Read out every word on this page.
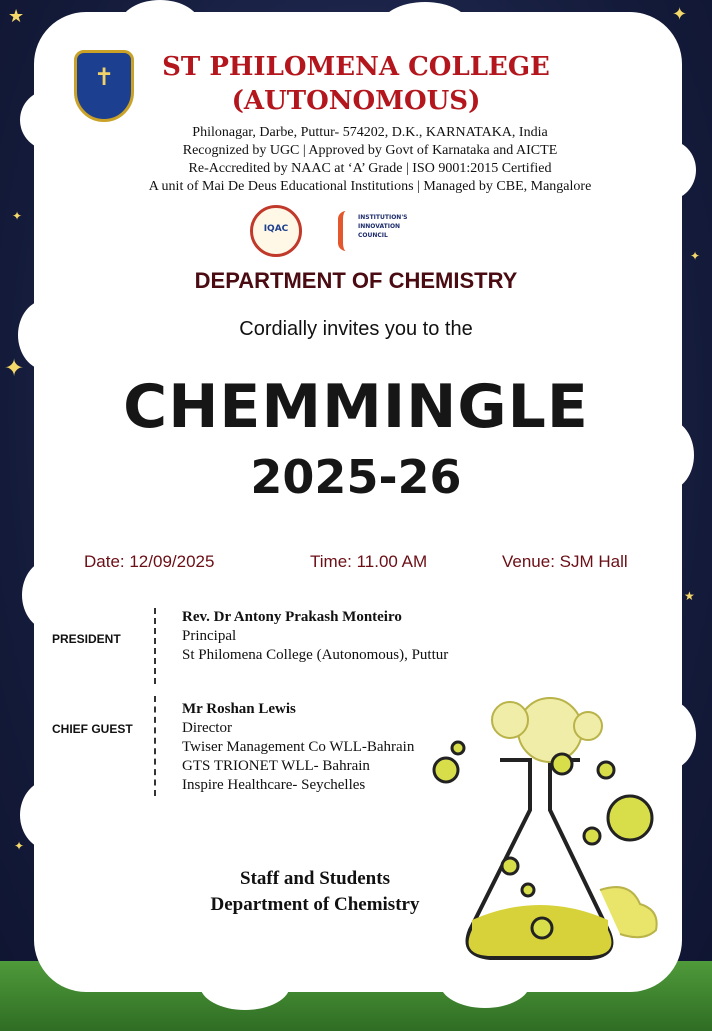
★	✦
✦
✦
✦
★
✦
✝	ST PHILOMENA COLLEGE
(AUTONOMOUS)
Philonagar, Darbe, Puttur- 574202, D.K., KARNATAKA, India
Recognized by UGC | Approved by Govt of Karnataka and AICTE
Re-Accredited by NAAC at ‘A’ Grade | ISO 9001:2015 Certified
A unit of Mai De Deus Educational Institutions | Managed by CBE, Mangalore
IQAC
INSTITUTION'S
INNOVATION
COUNCIL
DEPARTMENT OF CHEMISTRY
Cordially invites you to the
CHEMMINGLE
2025-26
Date: 12/09/2025	Time: 11.00 AM	Venue: SJM Hall
PRESIDENT
Rev. Dr Antony Prakash Monteiro
Principal
St Philomena College (Autonomous), Puttur
CHIEF GUEST
Mr Roshan Lewis
Director
Twiser Management Co WLL-Bahrain
GTS TRIONET WLL- Bahrain
Inspire Healthcare- Seychelles
Staff and Students
Department of Chemistry
